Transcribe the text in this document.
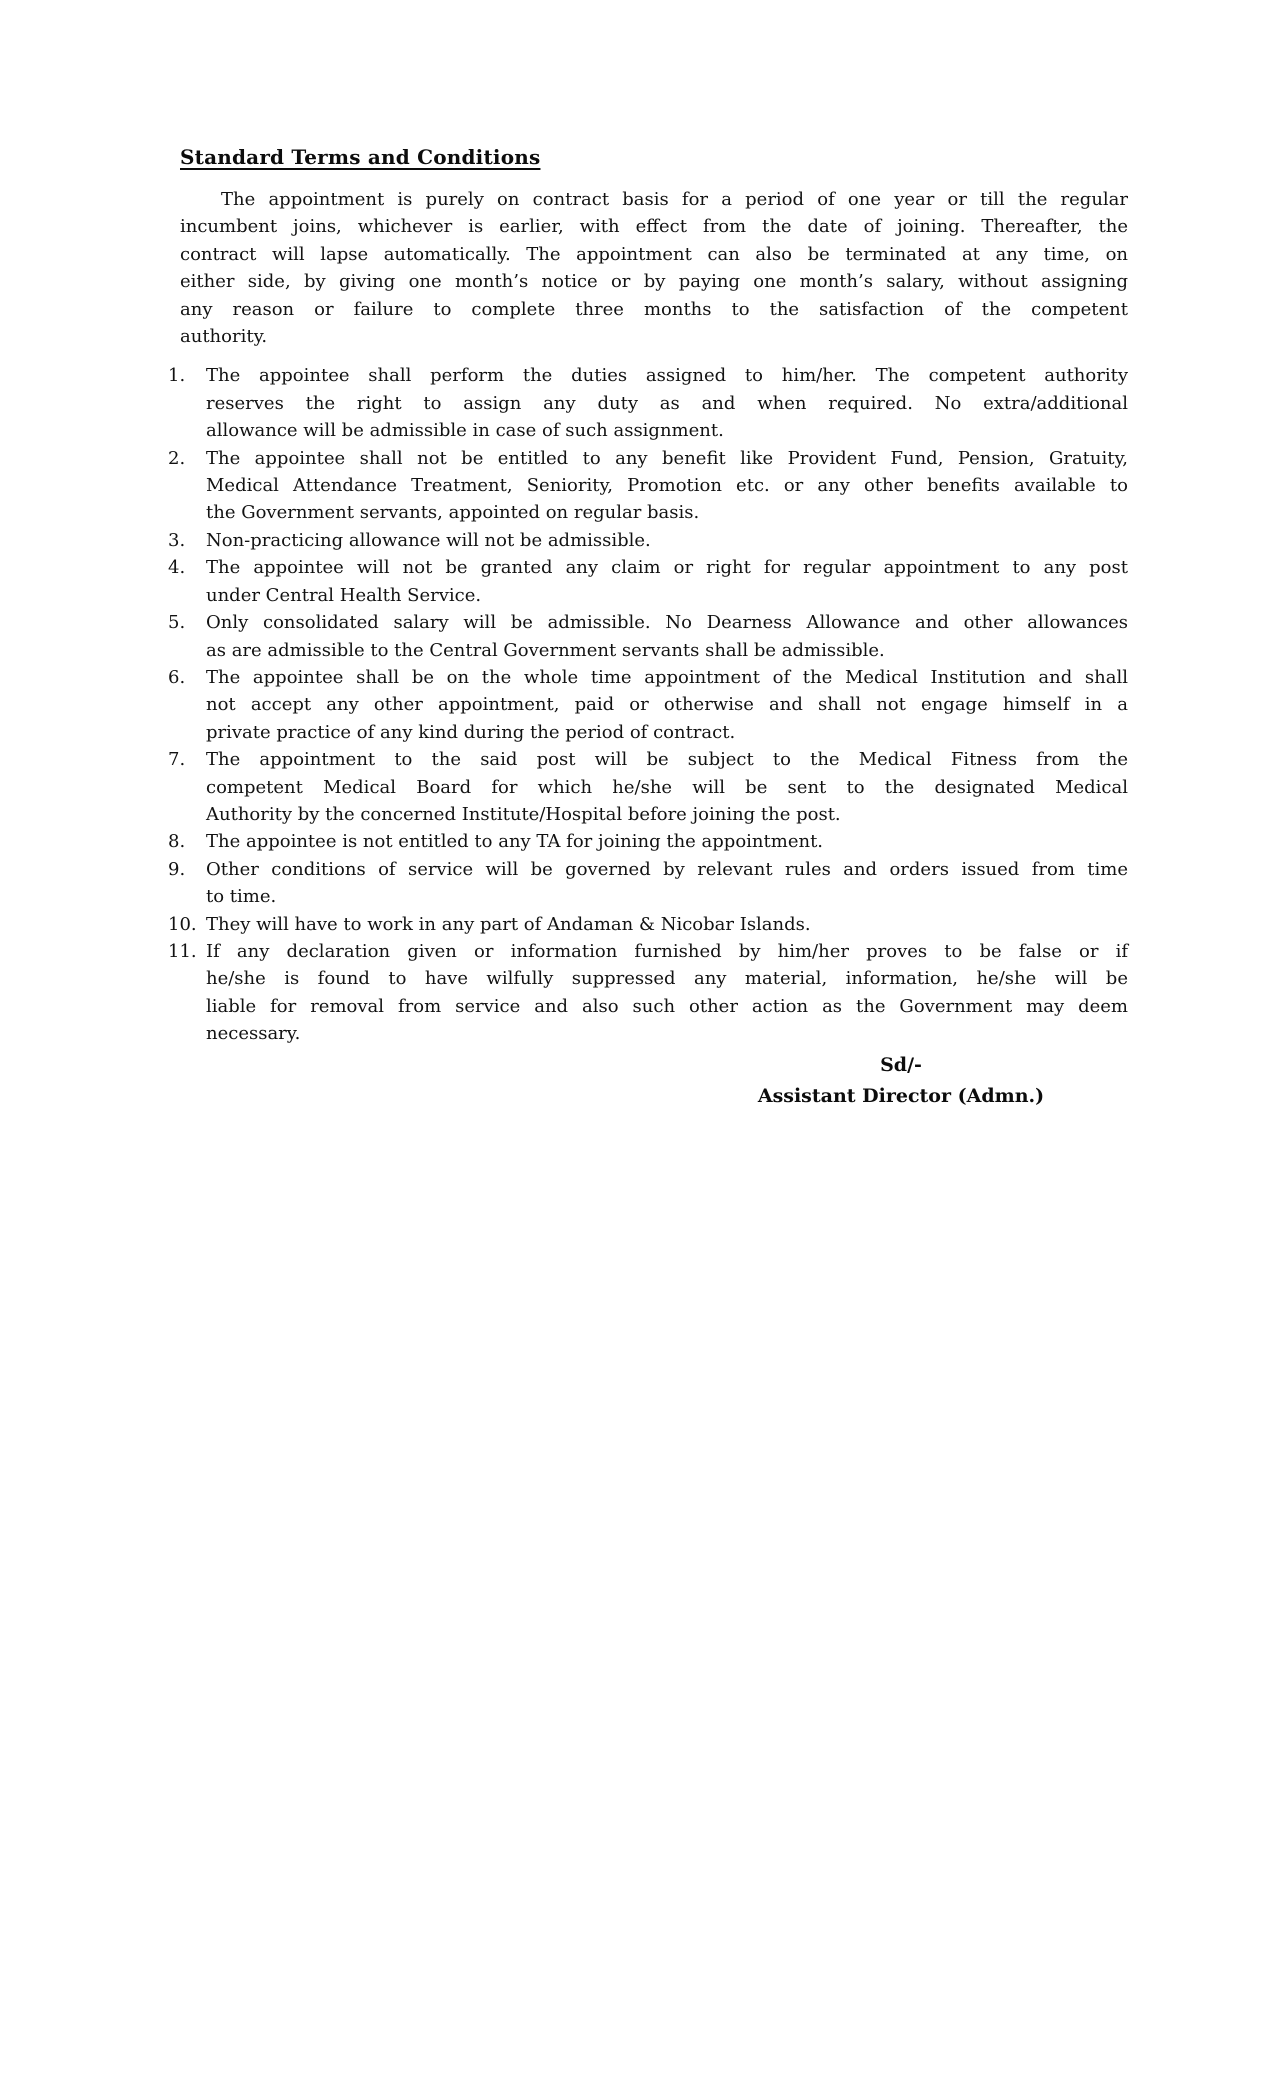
Standard Terms and Conditions
The appointment is purely on contract basis for a period of one year or till the regular
incumbent joins, whichever is earlier, with effect from the date of joining. Thereafter, the
contract will lapse automatically. The appointment can also be terminated at any time, on
either side, by giving one month’s notice or by paying one month’s salary, without assigning
any reason or failure to complete three months to the satisfaction of the competent
authority.
1.	The appointee shall perform the duties assigned to him/her. The competent authority
reserves the right to assign any duty as and when required. No extra/additional
allowance will be admissible in case of such assignment.
2.	The appointee shall not be entitled to any benefit like Provident Fund, Pension, Gratuity,
Medical Attendance Treatment, Seniority, Promotion etc. or any other benefits available to
the Government servants, appointed on regular basis.
3.	Non-practicing allowance will not be admissible.
4.	The appointee will not be granted any claim or right for regular appointment to any post
under Central Health Service.
5.	Only consolidated salary will be admissible. No Dearness Allowance and other allowances
as are admissible to the Central Government servants shall be admissible.
6.	The appointee shall be on the whole time appointment of the Medical Institution and shall
not accept any other appointment, paid or otherwise and shall not engage himself in a
private practice of any kind during the period of contract.
7.	The appointment to the said post will be subject to the Medical Fitness from the
competent Medical Board for which he/she will be sent to the designated Medical
Authority by the concerned Institute/Hospital before joining the post.
8.	The appointee is not entitled to any TA for joining the appointment.
9.	Other conditions of service will be governed by relevant rules and orders issued from time
to time.
10. They will have to work in any part of Andaman & Nicobar Islands.
11. If any declaration given or information furnished by him/her proves to be false or if
he/she is found to have wilfully suppressed any material, information, he/she will be
liable for removal from service and also such other action as the Government may deem
necessary.
Sd/-
Assistant Director (Admn.)
